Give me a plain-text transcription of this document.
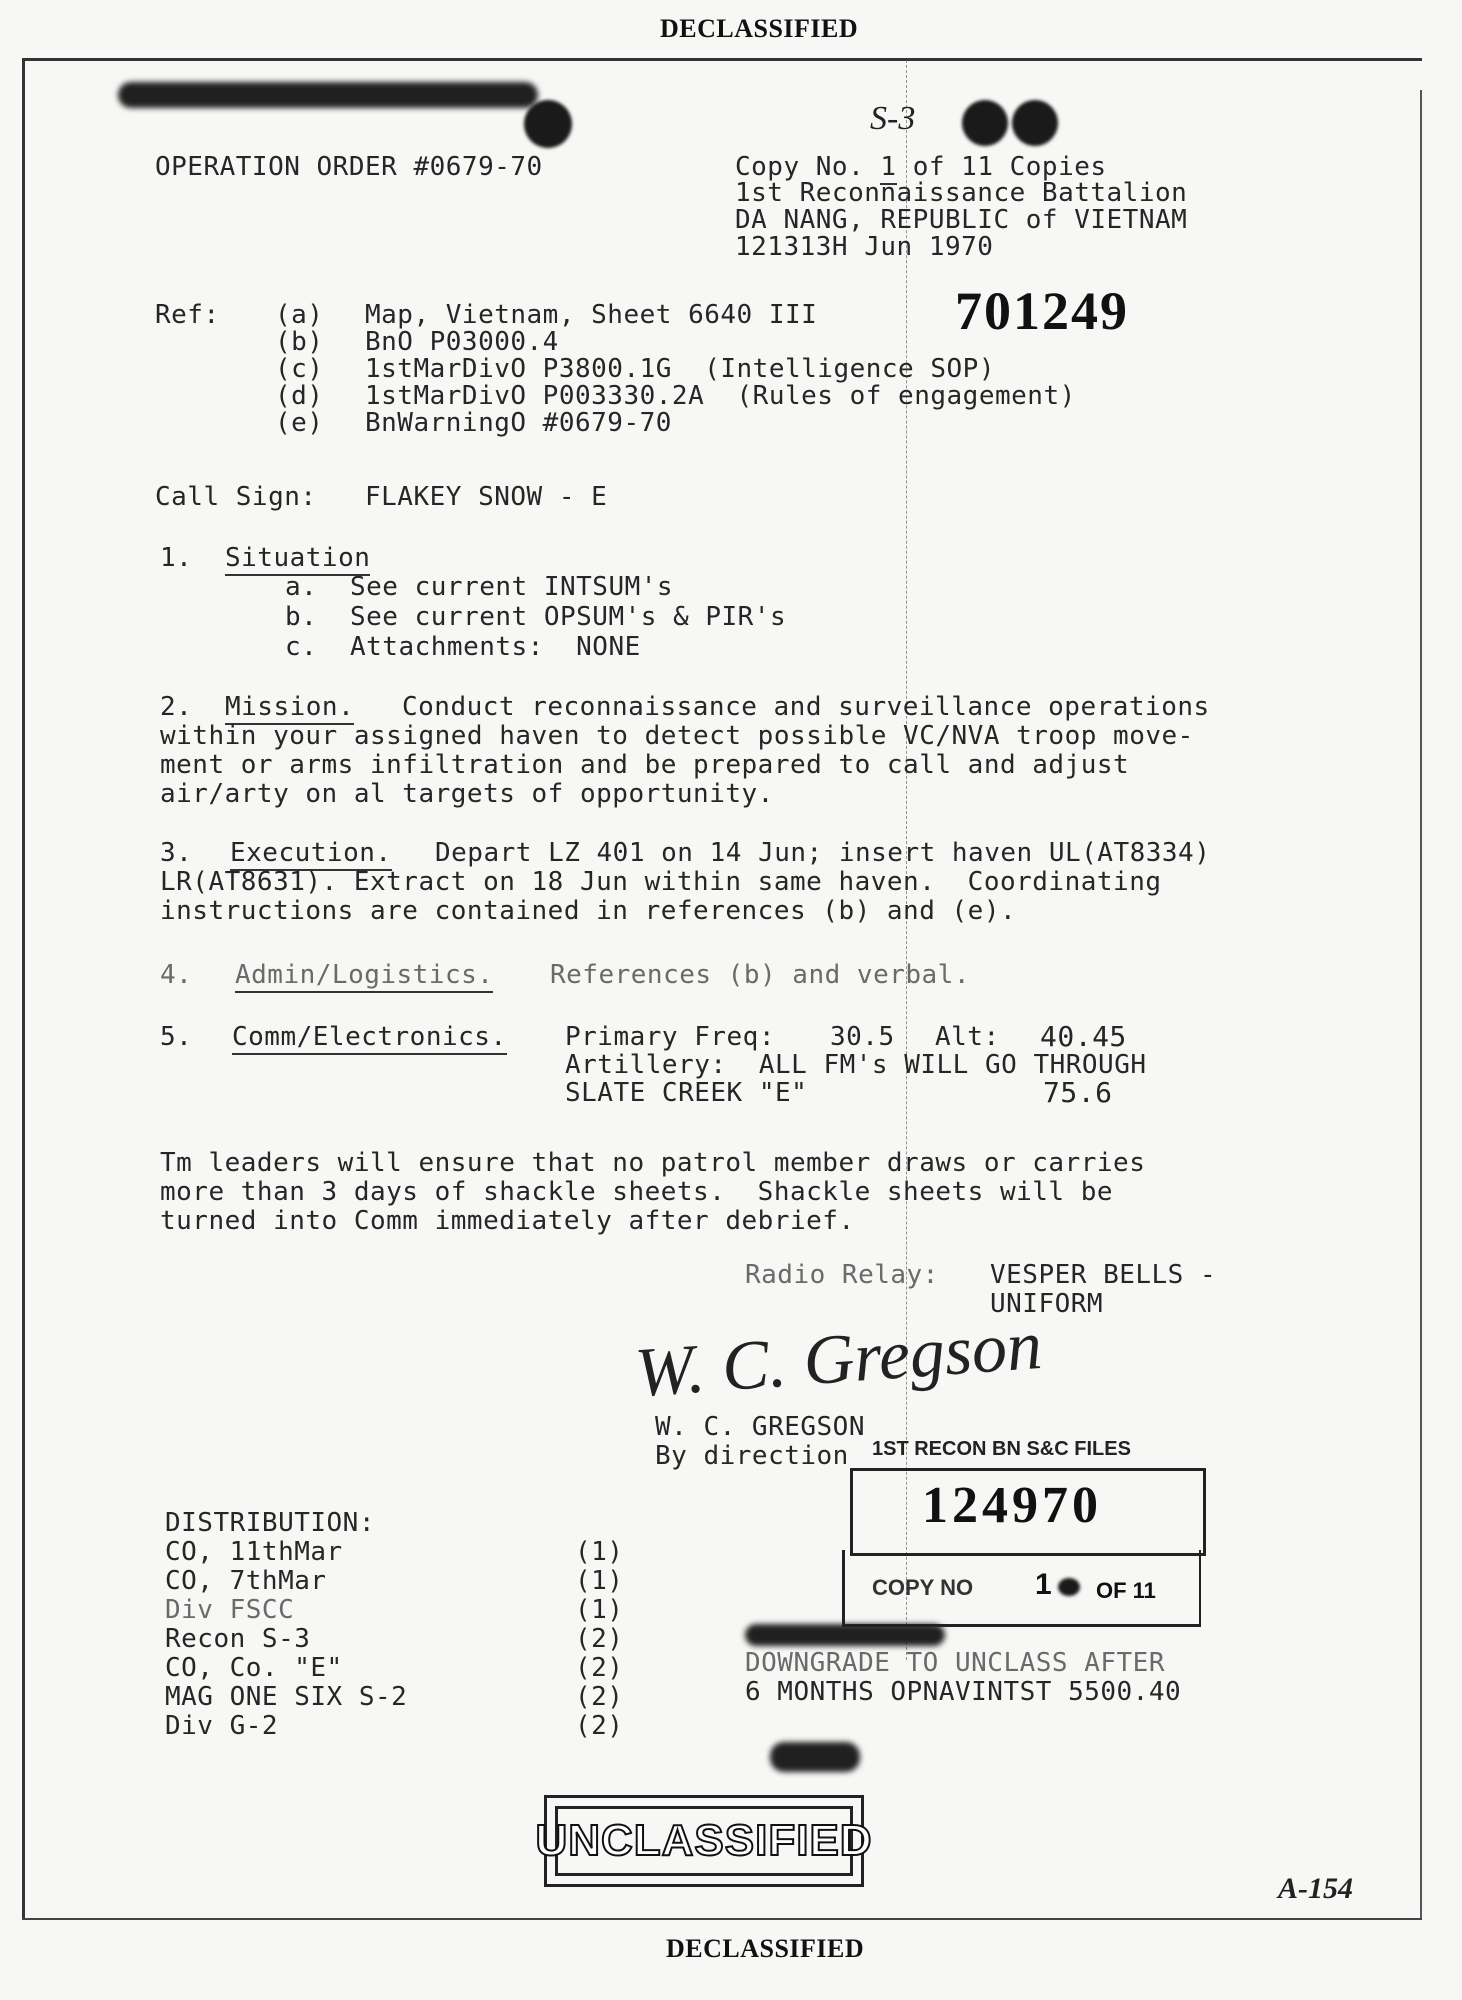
DECLASSIFIED
DECLASSIFIED
OPERATION ORDER #0679-70
S-3
Copy No. 1 of 11 Copies
1st Reconnaissance Battalion
DA NANG, REPUBLIC of VIETNAM
121313H Jun 1970
701249
Ref: (a) Map, Vietnam, Sheet 6640 III
(b) BnO P03000.4
(c) 1stMarDivO P3800.1G  (Intelligence SOP)
(d) 1stMarDivO P003330.2A  (Rules of engagement)
(e) BnWarningO #0679-70
Call Sign: FLAKEY SNOW - E
1. Situation
a. See current INTSUM's
b. See current OPSUM's & PIR's
c. Attachments:  NONE
2. Mission. Conduct reconnaissance and surveillance operations
within your assigned haven to detect possible VC/NVA troop move-
ment or arms infiltration and be prepared to call and adjust
air/arty on al targets of opportunity.
3. Execution. Depart LZ 401 on 14 Jun; insert haven UL(AT8334)
LR(AT8631). Extract on 18 Jun within same haven.  Coordinating
instructions are contained in references (b) and (e).
4. Admin/Logistics. References (b) and verbal.
5. Comm/Electronics. Primary Freq: 30.5 Alt: 40.45
Artillery:  ALL FM's WILL GO THROUGH
SLATE CREEK "E"	75.6
Tm leaders will ensure that no patrol member draws or carries
more than 3 days of shackle sheets.  Shackle sheets will be
turned into Comm immediately after debrief.
Radio Relay: VESPER BELLS -
UNIFORM
W. C. Gregson
W. C. GREGSON
By direction 1ST RECON BN S&C FILES
124970
COPY NO 1 OF 11
DOWNGRADE TO UNCLASS AFTER
6 MONTHS OPNAVINTST 5500.40
DISTRIBUTION:
CO, 11thMar	(1)
CO, 7thMar	(1)
Div FSCC	(1)
Recon S-3	(2)
CO, Co. "E"	(2)
MAG ONE SIX S-2	(2)
Div G-2	(2)
UNCLASSIFIED
A-154
